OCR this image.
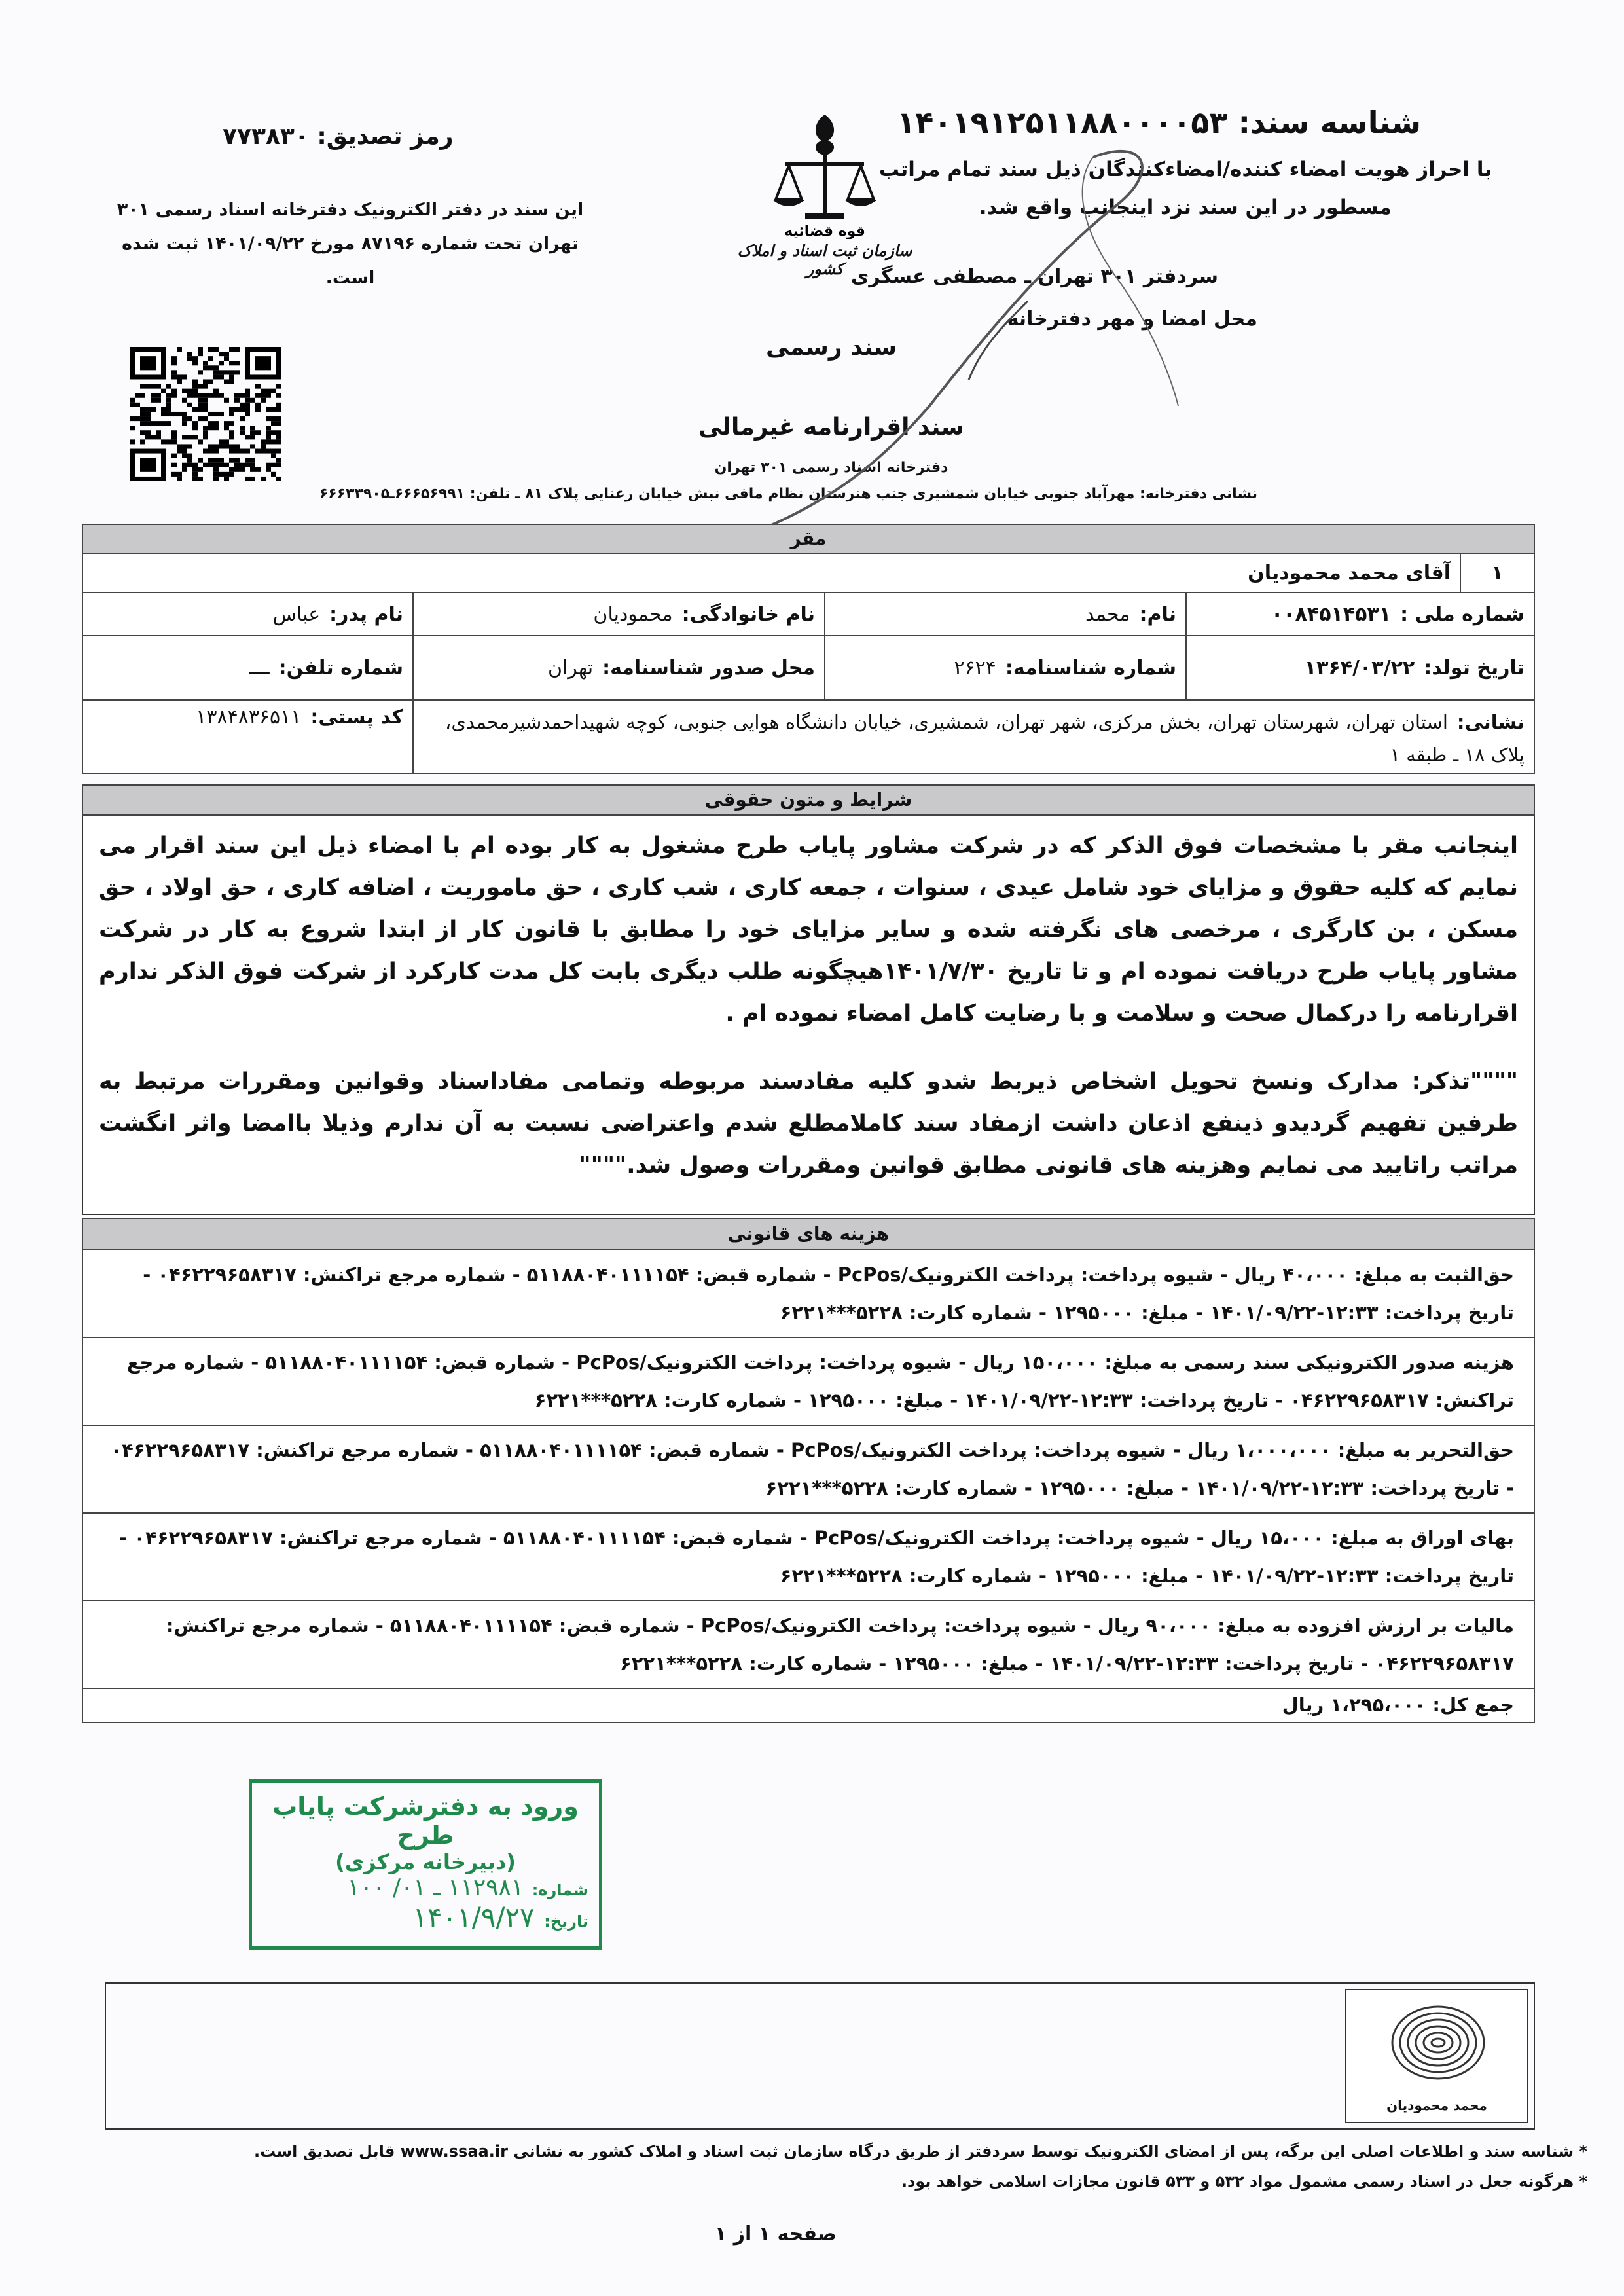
شناسه سند: ۱۴۰۱۹۱۲۵۱۱۸۸۰۰۰۰۵۳
با احراز هویت امضاء کننده/امضاءکنندگان ذیل سند تمام مراتب مسطور در این سند نزد اینجانب واقع شد.
سردفتر ۳۰۱ تهران ـ مصطفی عسگری
محل امضا و مهر دفترخانه
قوه قضائیه
سازمان ثبت اسناد و املاک کشور
سند رسمی
سند اقرارنامه غیرمالی
دفترخانه اسناد رسمی ۳۰۱ تهران
نشانی دفترخانه: مهرآباد جنوبی خیابان شمشیری جنب هنرستان نظام مافی نبش خیابان رعنایی پلاک ۸۱ ـ تلفن: ۶۶۶۵۶۹۹۱ـ۶۶۶۳۳۹۰۵
رمز تصدیق: ۷۷۳۸۳۰
این سند در دفتر الکترونیک دفترخانه اسناد رسمی ۳۰۱ تهران تحت شماره ۸۷۱۹۶ مورخ ۱۴۰۱/۰۹/۲۲ ثبت شده است.
مقر
۱
آقای محمد محمودیان
شماره ملی :
۰۰۸۴۵۱۴۵۳۱
نام:
محمد
نام خانوادگی:
محمودیان
نام پدر:
عباس
تاریخ تولد:
۱۳۶۴/۰۳/۲۲
شماره شناسنامه:
۲۶۲۴
محل صدور شناسنامه:
تهران
شماره تلفن:
ـــ
نشانی:استان تهران، شهرستان تهران، بخش مرکزی، شهر تهران، شمشیری، خیابان دانشگاه هوایی جنوبی، کوچه شهیداحمدشیرمحمدی، پلاک ۱۸ ـ طبقه ۱
کد پستی:
۱۳۸۴۸۳۶۵۱۱
شرایط و متون حقوقی
اینجانب مقر با مشخصات فوق الذکر که در شرکت مشاور پایاب طرح مشغول به کار بوده ام با امضاء ذیل این سند اقرار می نمایم که کلیه حقوق و مزایای خود شامل عیدی ، سنوات ، جمعه کاری ، شب کاری ، حق ماموریت ، اضافه کاری ، حق اولاد ، حق مسکن ، بن کارگری ، مرخصی های نگرفته شده و سایر مزایای خود را مطابق با قانون کار از ابتدا شروع به کار در شرکت مشاور پایاب طرح دریافت نموده ام و تا تاریخ ۱۴۰۱/۷/۳۰هیچگونه طلب دیگری بابت کل مدت کارکرد از شرکت فوق الذکر ندارم اقرارنامه را درکمال صحت و سلامت و با رضایت کامل امضاء نموده ام .
""""تذکر: مدارک ونسخ تحویل اشخاص ذیربط شدو کلیه مفادسند مربوطه وتمامی مفاداسناد وقوانین ومقررات مرتبط به طرفین تفهیم گردیدو ذینفع اذعان داشت ازمفاد سند کاملامطلع شدم واعتراضی نسبت به آن ندارم وذیلا باامضا واثر انگشت مراتب راتایید می نمایم وهزینه های قانونی مطابق قوانین ومقررات وصول شد.""""
هزینه های قانونی
حق‌الثبت به مبلغ: ۴۰،۰۰۰ ریال - شیوه پرداخت: پرداخت الکترونیک/PcPos - شماره قبض: ۵۱۱۸۸۰۴۰۱۱۱۱۵۴ - شماره مرجع تراکنش: ۰۴۶۲۲۹۶۵۸۳۱۷ - تاریخ پرداخت: ۱۲:۳۳-۱۴۰۱/۰۹/۲۲ - مبلغ: ۱۲۹۵۰۰۰ - شماره کارت: ۵۲۲۸***۶۲۲۱
هزینه صدور الکترونیکی سند رسمی به مبلغ: ۱۵۰،۰۰۰ ریال - شیوه پرداخت: پرداخت الکترونیک/PcPos - شماره قبض: ۵۱۱۸۸۰۴۰۱۱۱۱۵۴ - شماره مرجع تراکنش: ۰۴۶۲۲۹۶۵۸۳۱۷ - تاریخ پرداخت: ۱۲:۳۳-۱۴۰۱/۰۹/۲۲ - مبلغ: ۱۲۹۵۰۰۰ - شماره کارت: ۵۲۲۸***۶۲۲۱
حق‌التحریر به مبلغ: ۱،۰۰۰،۰۰۰ ریال - شیوه پرداخت: پرداخت الکترونیک/PcPos - شماره قبض: ۵۱۱۸۸۰۴۰۱۱۱۱۵۴ - شماره مرجع تراکنش: ۰۴۶۲۲۹۶۵۸۳۱۷ - تاریخ پرداخت: ۱۲:۳۳-۱۴۰۱/۰۹/۲۲ - مبلغ: ۱۲۹۵۰۰۰ - شماره کارت: ۵۲۲۸***۶۲۲۱
بهای اوراق به مبلغ: ۱۵،۰۰۰ ریال - شیوه پرداخت: پرداخت الکترونیک/PcPos - شماره قبض: ۵۱۱۸۸۰۴۰۱۱۱۱۵۴ - شماره مرجع تراکنش: ۰۴۶۲۲۹۶۵۸۳۱۷ - تاریخ پرداخت: ۱۲:۳۳-۱۴۰۱/۰۹/۲۲ - مبلغ: ۱۲۹۵۰۰۰ - شماره کارت: ۵۲۲۸***۶۲۲۱
مالیات بر ارزش افزوده به مبلغ: ۹۰،۰۰۰ ریال - شیوه پرداخت: پرداخت الکترونیک/PcPos - شماره قبض: ۵۱۱۸۸۰۴۰۱۱۱۱۵۴ - شماره مرجع تراکنش: ۰۴۶۲۲۹۶۵۸۳۱۷ - تاریخ پرداخت: ۱۲:۳۳-۱۴۰۱/۰۹/۲۲ - مبلغ: ۱۲۹۵۰۰۰ - شماره کارت: ۵۲۲۸***۶۲۲۱
جمع کل: ۱،۲۹۵،۰۰۰ ریال
ورود به دفترشرکت پایاب طرح
(دبیرخانه مرکزی)
شماره: ۱۱۲۹۸۱ ـ ۰۱/ ۱۰۰
تاریخ: ۱۴۰۱/۹/۲۷
محمد محمودیان
* شناسه سند و اطلاعات اصلی این برگه، پس از امضای الکترونیک توسط سردفتر از طریق درگاه سازمان ثبت اسناد و املاک کشور به نشانی www.ssaa.ir قابل تصدیق است.
* هرگونه جعل در اسناد رسمی مشمول مواد ۵۳۲ و ۵۳۳ قانون مجازات اسلامی خواهد بود.
صفحه ۱ از ۱
